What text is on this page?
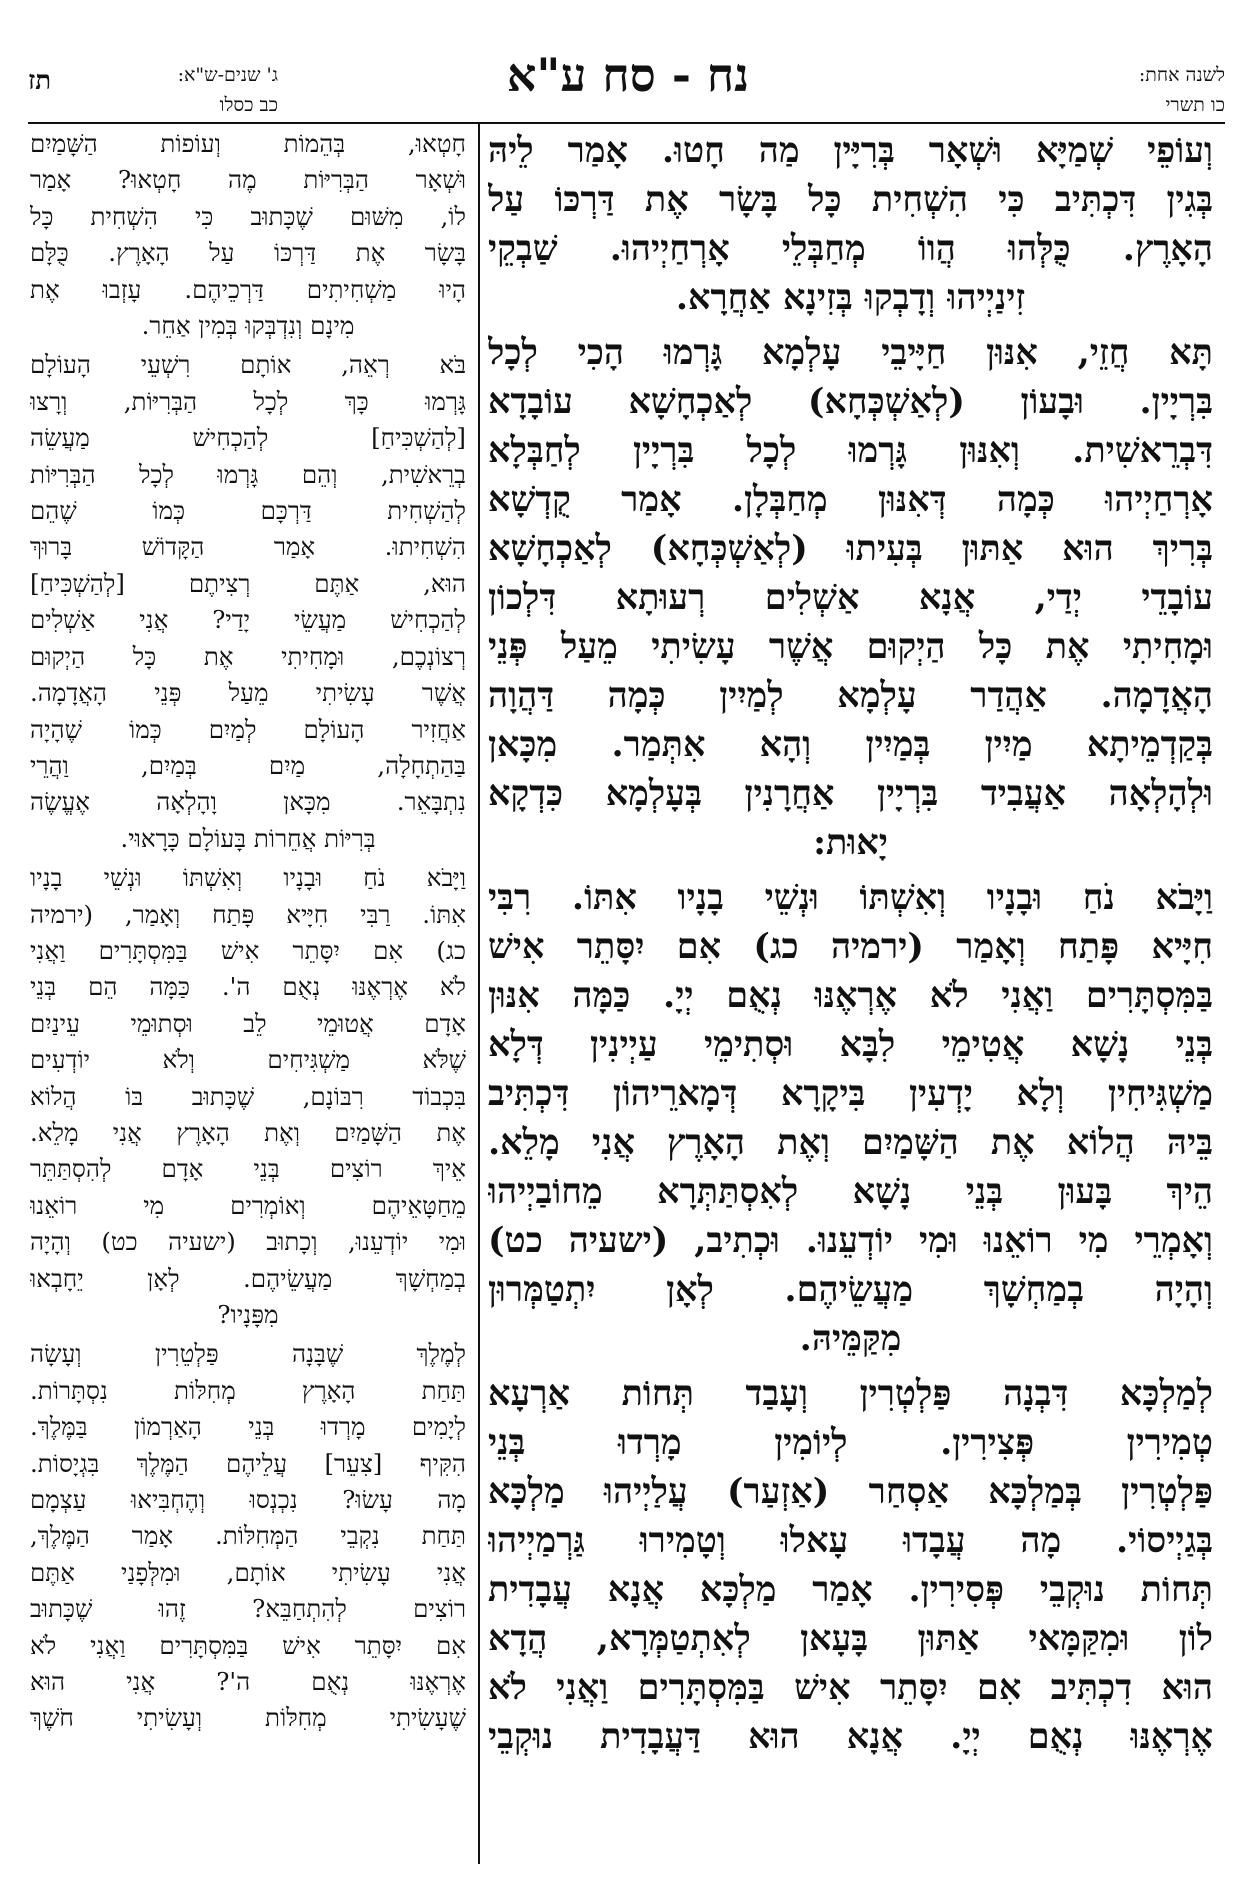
תז	ג' שנים-ש"א:
כב כסלו
נח - סח ע"א	לשנה אחת:
כו תשרי
וְעוֹפֵי שְׁמַיָּא וּשְׁאָר בְּרִיָּין מַה חָטוּ. אָמַר לֵיהּ
בְּגִין דִּכְתִּיב כִּי הִשְׁחִית כָּל בָּשָׂר אֶת דַּרְכּוֹ עַל
הָאָרֶץ. כֻּלְּהוּ הֲווֹ מְחַבְּלֵי אָרְחַיְיהוּ. שַׁבְקֵי
זִינַיְיהוּ וְדָבְקוּ בְּזִינָא אַחֲרָא.
תָּא חֲזֵי, אִנּוּן חַיָּיבֵי עָלְמָא גָּרְמוּ הָכִי לְכָל
בִּרְיָין. וּבָעוֹן (לְאַשְׁכְּחָא) לְאַכְחָשָׁא עוֹבָדָא
דִּבְרֵאשִׁית. וְאִנּוּן גָּרְמוּ לְכָל בִּרְיָין לְחַבְּלָא
אָרְחַיְיהוּ כְּמָה דְּאִנּוּן מְחַבְּלָן. אָמַר קֻדְשָׁא
בְּרִיךְ הוּא אַתּוּן בְּעִיתוּ (לְאַשְׁכְּחָא) לְאַכְחָשָׁא
עוֹבָדֵי יְדַי, אֲנָא אַשְׁלִים רְעוּתָא דִּלְכוֹן
וּמָחִיתִי אֶת כָּל הַיְקוּם אֲשֶׁר עָשִׂיתִי מֵעַל פְּנֵי
הָאֲדָמָה. אַהֲדַר עָלְמָא לְמַיִין כְּמָה דַּהֲוָה
בְּקַדְמֵיתָא מַיִין בְּמַיִין וְהָא אִתְּמַר. מִכָּאן
וּלְהָלְאָה אַעֲבִיד בִּרְיָין אַחֲרָנִין בְּעָלְמָא כִּדְקָא
יָאוּת:
וַיָּבֹא נֹחַ וּבָנָיו וְאִשְׁתּוֹ וּנְשֵׁי בָנָיו אִתּוֹ. רִבִּי
חִיָּיא פָּתַח וְאָמַר (ירמיה כג) אִם יִסָּתֵר אִישׁ
בַּמִּסְתָּרִים וַאֲנִי לֹא אֶרְאֶנּוּ נְאֻם יְיָ. כַּמָּה אִנּוּן
בְּנֵי נָשָׁא אֲטִימֵי לִבָּא וּסְתִימֵי עַיְינִין דְּלָא
מַשְׁגִּיחִין וְלָא יָדְעִין בִּיקָרָא דְּמָארֵיהוֹן דִּכְתִּיב
בֵּיהּ הֲלוֹא אֶת הַשָּׁמַיִם וְאֶת הָאָרֶץ אֲנִי מָלֵא.
הֵיךְ בָּעוּן בְּנֵי נָשָׁא לְאִסְתַּתְּרָא מֵחוֹבַיְיהוּ
וְאָמְרֵי מִי רוֹאֵנוּ וּמִי יוֹדְעֵנוּ. וּכְתִיב, (ישעיה כט)
וְהָיָה בְמַחְשָׁךְ מַעֲשֵׂיהֶם. לְאָן יִתְטַמְּרוּן
מִקַּמֵּיהּ.
לְמַלְכָּא דִּבְנָה פַּלְטְרִין וְעָבַד תְּחוֹת אַרְעָא
טְמִירִין פְּצִירִין. לְיוֹמִין מָרְדוּ בְּנֵי
פַּלְטְרִין בְּמַלְכָּא אַסְחַר (אַזְעַר) עֲלַיְיהוּ מַלְכָּא
בְּגַיְיסוֹי. מָה עֲבָדוּ עָאלוּ וְטָמִירוּ גַּרְמַיְיהוּ
תְּחוֹת נוּקְבֵי פְּסִירִין. אָמַר מַלְכָּא אֲנָא עֲבָדִית
לוֹן וּמִקַּמָּאי אַתּוּן בָּעָאן לְאִתְטַמְּרָא, הֲדָא
הוּא דִכְתִּיב אִם יִסָּתֵר אִישׁ בַּמִּסְתָּרִים וַאֲנִי לֹא
אֶרְאֶנּוּ נְאֻם יְיָ. אֲנָא הוּא דַּעֲבָדִית נוּקְבֵי
חָטְאוּ, בְּהֵמוֹת וְעוֹפוֹת הַשָּׁמַיִם
וּשְׁאָר הַבְּרִיּוֹת מֶה חָטְאוּ? אָמַר
לוֹ, מִשּׁוּם שֶׁכָּתוּב כִּי הִשְׁחִית כָּל
בָּשָׂר אֶת דַּרְכּוֹ עַל הָאָרֶץ. כֻּלָּם
הָיוּ מַשְׁחִיתִים דַּרְכֵיהֶם. עָזְבוּ אֶת
מִינָם וְנִדְבְּקוּ בְּמִין אַחֵר.
בֹּא רְאֵה, אוֹתָם רִשְׁעֵי הָעוֹלָם
גָּרְמוּ כָּךְ לְכָל הַבְּרִיּוֹת, וְרָצוּ
[לְהַשְׁכִּיחַ] לְהַכְחִישׁ מַעֲשֵׂה
בְרֵאשִׁית, וְהֵם גָּרְמוּ לְכָל הַבְּרִיּוֹת
לְהַשְׁחִית דַּרְכָּם כְּמוֹ שֶׁהֵם
הִשְׁחִיתוּ. אָמַר הַקָּדוֹשׁ בָּרוּךְ
הוּא, אַתֶּם רְצִיתֶם [לְהַשְׁכִּיחַ]
לְהַכְחִישׁ מַעֲשֵׂי יָדַי? אֲנִי אַשְׁלִים
רְצוֹנְכֶם, וּמָחִיתִי אֶת כָּל הַיְקוּם
אֲשֶׁר עָשִׂיתִי מֵעַל פְּנֵי הָאֲדָמָה.
אַחֲזִיר הָעוֹלָם לְמַיִם כְּמוֹ שֶׁהָיָה
בַּהַתְחָלָה, מַיִם בְּמַיִם, וַהֲרֵי
נִתְבָּאֵר. מִכָּאן וָהָלְאָה אֶעֱשֶׂה
בְּרִיּוֹת אֲחֵרוֹת בָּעוֹלָם כָּרָאוּי.
וַיָּבֹא נֹחַ וּבָנָיו וְאִשְׁתּוֹ וּנְשֵׁי בָנָיו
אִתּוֹ. רַבִּי חִיָּיא פָּתַח וְאָמַר, (ירמיה
כג) אִם יִסָּתֵר אִישׁ בַּמִּסְתָּרִים וַאֲנִי
לֹא אֶרְאֶנּוּ נְאֻם ה'. כַּמָּה הֵם בְּנֵי
אָדָם אֲטוּמֵי לֵב וּסְתוּמֵי עֵינַיִם
שֶׁלֹּא מַשְׁגִּיחִים וְלֹא יוֹדְעִים
בִּכְבוֹד רִבּוֹנָם, שֶׁכָּתוּב בּוֹ הֲלוֹא
אֶת הַשָּׁמַיִם וְאֶת הָאָרֶץ אֲנִי מָלֵא.
אֵיךְ רוֹצִים בְּנֵי אָדָם לְהִסְתַּתֵּר
מֵחַטָּאֵיהֶם וְאוֹמְרִים מִי רוֹאֵנוּ
וּמִי יוֹדְעֵנוּ, וְכָתוּב (ישעיה כט) וְהָיָה
בְמַחְשָׁךְ מַעֲשֵׂיהֶם. לְאָן יֵחָבְאוּ
מִפָּנָיו?
לְמֶלֶךְ שֶׁבָּנָה פַּלְטֵרִין וְעָשָׂה
תַּחַת הָאָרֶץ מְחִלּוֹת נִסְתָּרוֹת.
לְיָמִים מָרְדוּ בְּנֵי הָאַרְמוֹן בַּמֶּלֶךְ.
הִקִּיף [צִעֵר] עֲלֵיהֶם הַמֶּלֶךְ בִּגְיָסוֹת.
מָה עָשׂוּ? נִכְנְסוּ וְהֶחְבִּיאוּ עַצְמָם
תַּחַת נִקְבֵי הַמְּחִלּוֹת. אָמַר הַמֶּלֶךְ,
אֲנִי עָשִׂיתִי אוֹתָם, וּמִלְּפָנַי אַתֶּם
רוֹצִים לְהִתְחַבֵּא? זֶהוּ שֶׁכָּתוּב
אִם יִסָּתֵר אִישׁ בַּמִּסְתָּרִים וַאֲנִי לֹא
אֶרְאֶנּוּ נְאֻם ה'? אֲנִי הוּא
שֶׁעָשִׂיתִי מְחִלּוֹת וְעָשִׂיתִי חֹשֶׁךְ
